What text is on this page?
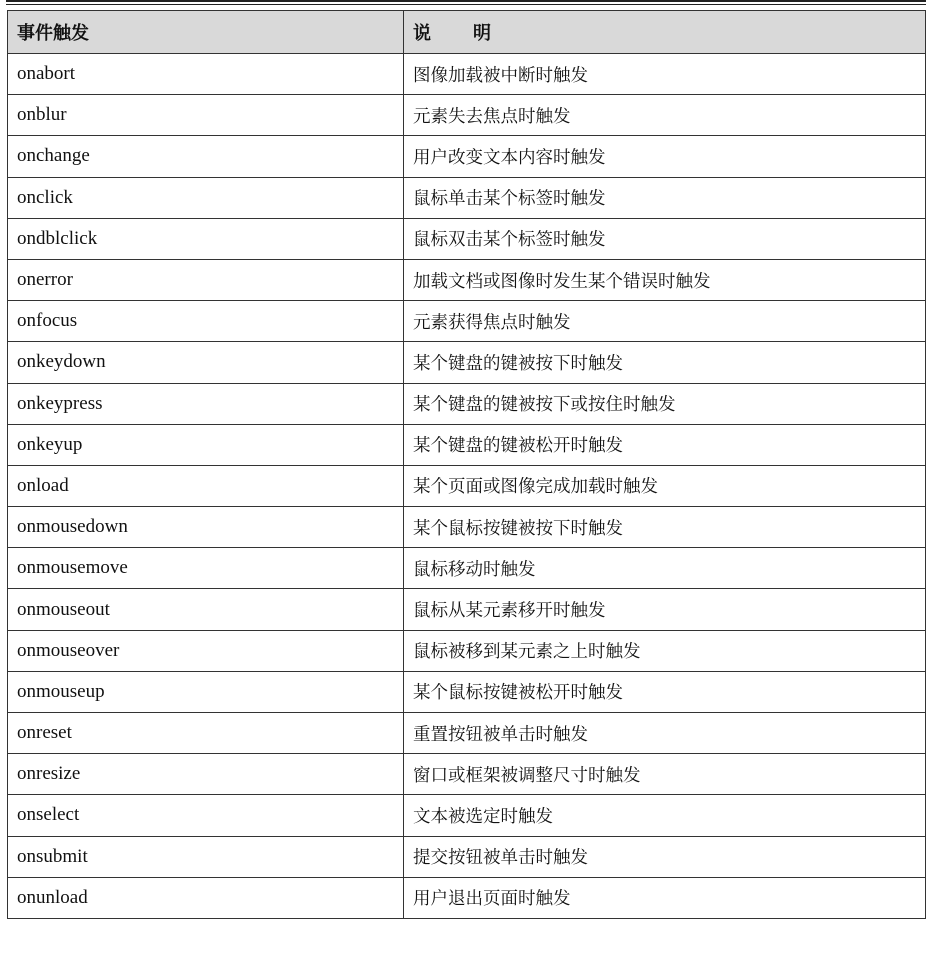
事件触发	说　明
onabort	图像加载被中断时触发
onblur	元素失去焦点时触发
onchange	用户改变文本内容时触发
onclick	鼠标单击某个标签时触发
ondblclick	鼠标双击某个标签时触发
onerror	加载文档或图像时发生某个错误时触发
onfocus	元素获得焦点时触发
onkeydown	某个键盘的键被按下时触发
onkeypress	某个键盘的键被按下或按住时触发
onkeyup	某个键盘的键被松开时触发
onload	某个页面或图像完成加载时触发
onmousedown	某个鼠标按键被按下时触发
onmousemove	鼠标移动时触发
onmouseout	鼠标从某元素移开时触发
onmouseover	鼠标被移到某元素之上时触发
onmouseup	某个鼠标按键被松开时触发
onreset	重置按钮被单击时触发
onresize	窗口或框架被调整尺寸时触发
onselect	文本被选定时触发
onsubmit	提交按钮被单击时触发
onunload	用户退出页面时触发
